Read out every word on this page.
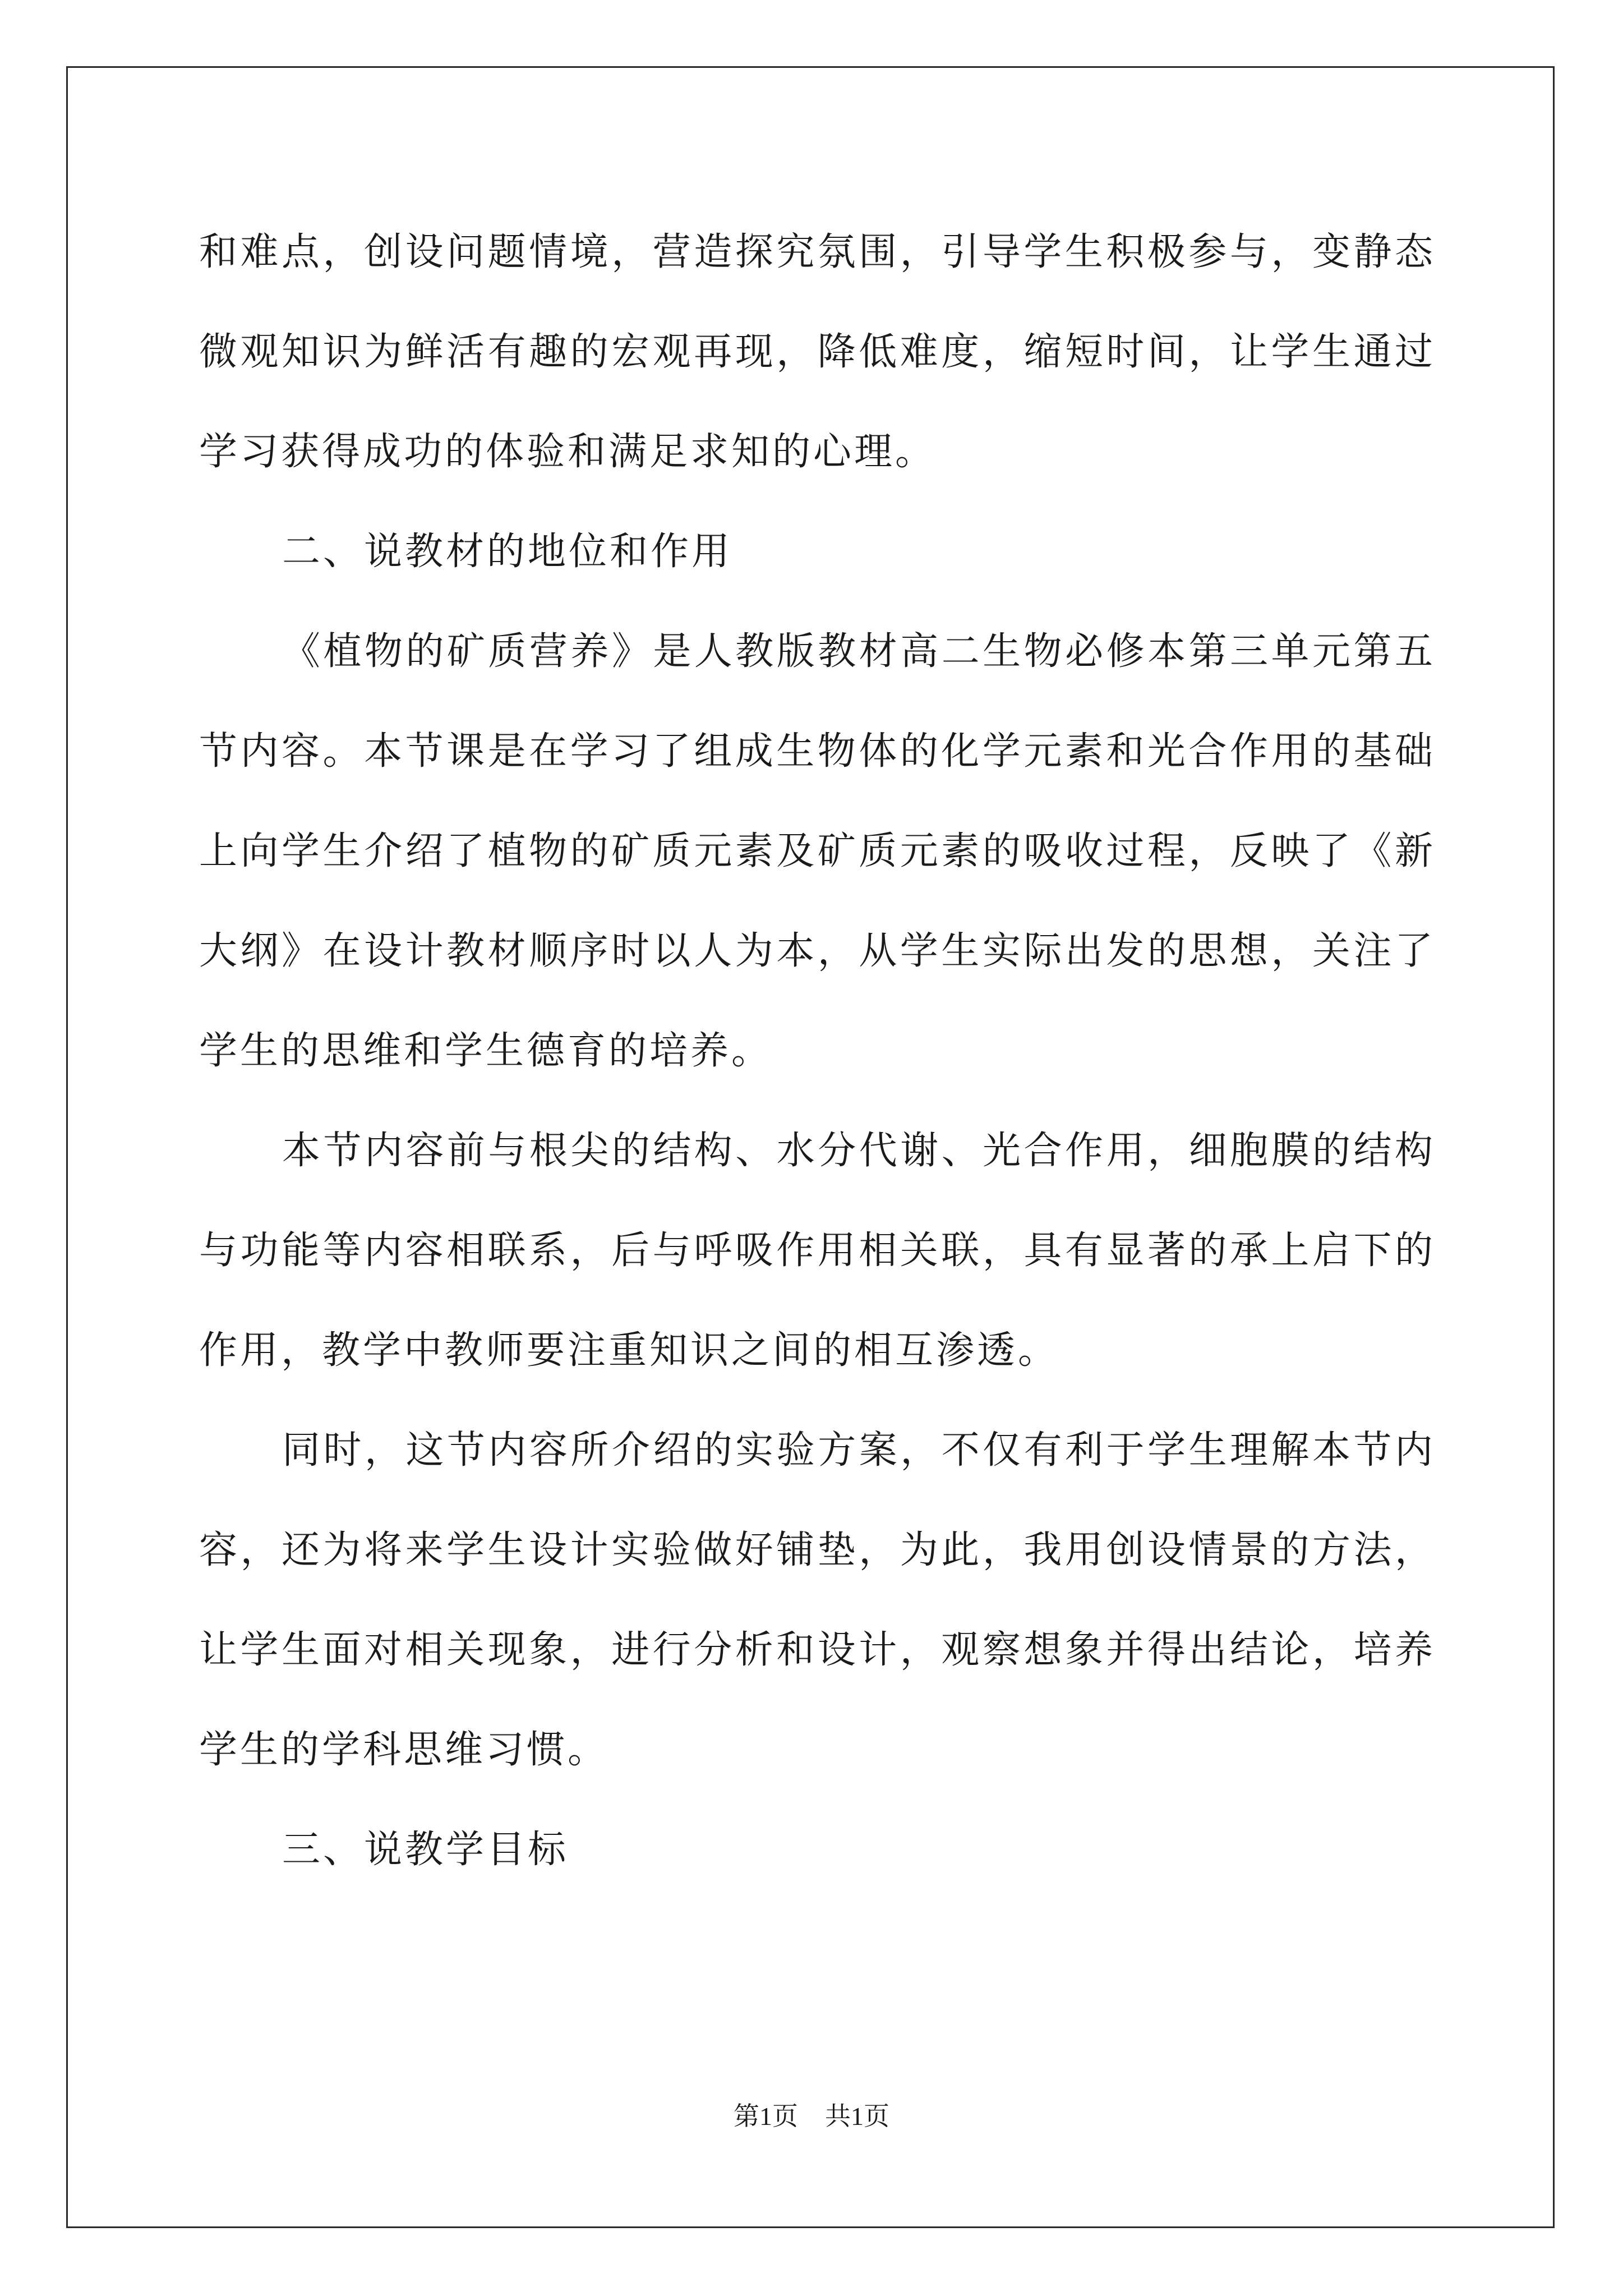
和难点，创设问题情境，营造探究氛围，引导学生积极参与，变静态
微观知识为鲜活有趣的宏观再现，降低难度，缩短时间，让学生通过
学习获得成功的体验和满足求知的心理。
二、说教材的地位和作用
《植物的矿质营养》是人教版教材高二生物必修本第三单元第五
节内容。本节课是在学习了组成生物体的化学元素和光合作用的基础
上向学生介绍了植物的矿质元素及矿质元素的吸收过程，反映了《新
大纲》在设计教材顺序时以人为本，从学生实际出发的思想，关注了
学生的思维和学生德育的培养。
本节内容前与根尖的结构、水分代谢、光合作用，细胞膜的结构
与功能等内容相联系，后与呼吸作用相关联，具有显著的承上启下的
作用，教学中教师要注重知识之间的相互渗透。
同时，这节内容所介绍的实验方案，不仅有利于学生理解本节内
容，还为将来学生设计实验做好铺垫，为此，我用创设情景的方法，
让学生面对相关现象，进行分析和设计，观察想象并得出结论，培养
学生的学科思维习惯。
三、说教学目标
第1页 共1页
